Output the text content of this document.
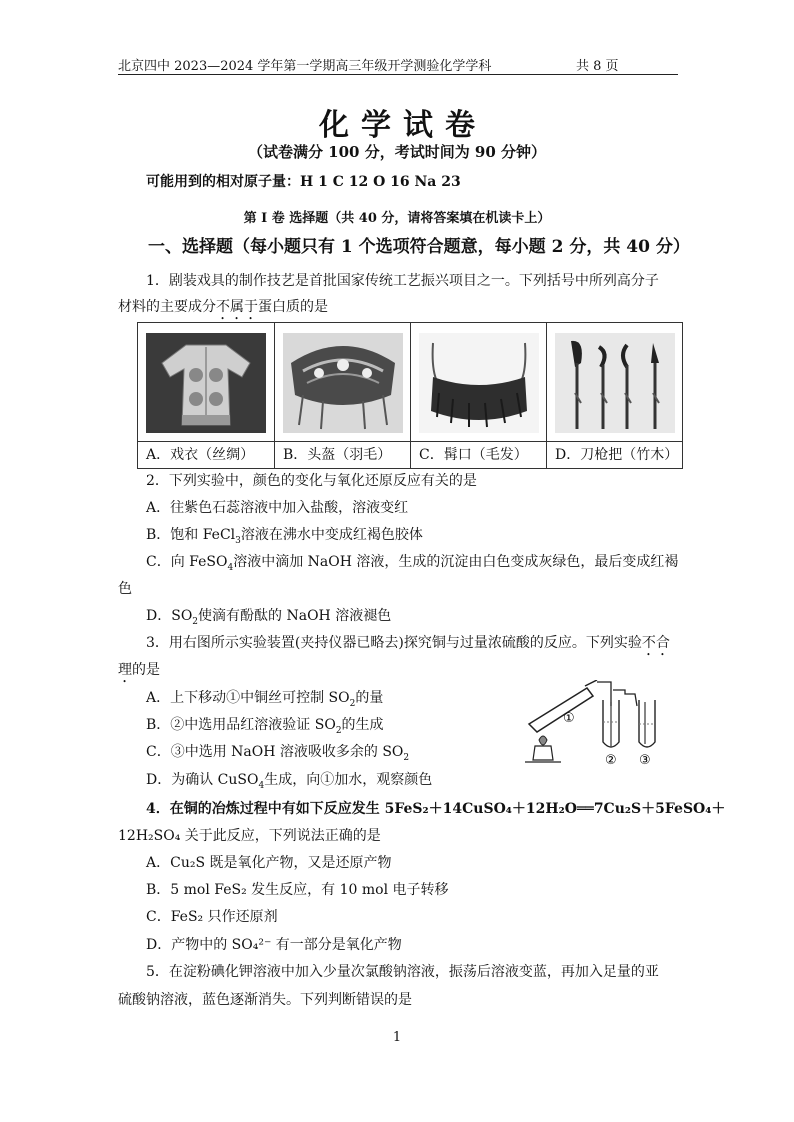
北京四中 2023—2024 学年第一学期高三年级开学测验化学学科	共 8 页
化学试卷
（试卷满分 100 分，考试时间为 90 分钟）
可能用到的相对原子量：H 1 C 12 O 16 Na 23
第 I 卷 选择题（共 40 分，请将答案填在机读卡上）
一、选择题（每小题只有 1 个选项符合题意，每小题 2 分，共 40 分）
1．剧装戏具的制作技艺是首批国家传统工艺振兴项目之一。下列括号中所列高分子
材料的主要成分不属于蛋白质的是
A．戏衣（丝绸）	B．头盔（羽毛）	C．髯口（毛发）	D．刀枪把（竹木）
2．下列实验中，颜色的变化与氧化还原反应有关的是
A．往紫色石蕊溶液中加入盐酸，溶液变红
B．饱和 FeCl$_3$溶液在沸水中变成红褐色胶体
C．向 FeSO$_4$溶液中滴加 NaOH 溶液，生成的沉淀由白色变成灰绿色，最后变成红褐
色
D．$SO_2$使滴有酚酞的 NaOH 溶液褪色
3．用右图所示实验装置(夹持仪器已略去)探究铜与过量浓硫酸的反应。下列实验不合
理的是
A．上下移动①中铜丝可控制 $SO_2$的量
B．②中选用品红溶液验证 $SO_2$的生成
C．③中选用 NaOH 溶液吸收多余的 $SO_2$
D．为确认 CuSO$_4$生成，向①加水，观察颜色
①
② ③
4．在铜的冶炼过程中有如下反应发生 5FeS₂＋14CuSO₄＋12H₂O══7Cu₂S＋5FeSO₄＋
12H₂SO₄ 关于此反应，下列说法正确的是
A．Cu₂S 既是氧化产物，又是还原产物
B．5 mol FeS₂ 发生反应，有 10 mol 电子转移
C．FeS₂ 只作还原剂
D．产物中的 SO₄²⁻ 有一部分是氧化产物
5．在淀粉碘化钾溶液中加入少量次氯酸钠溶液，振荡后溶液变蓝，再加入足量的亚
硫酸钠溶液，蓝色逐渐消失。下列判断错误的是
1
